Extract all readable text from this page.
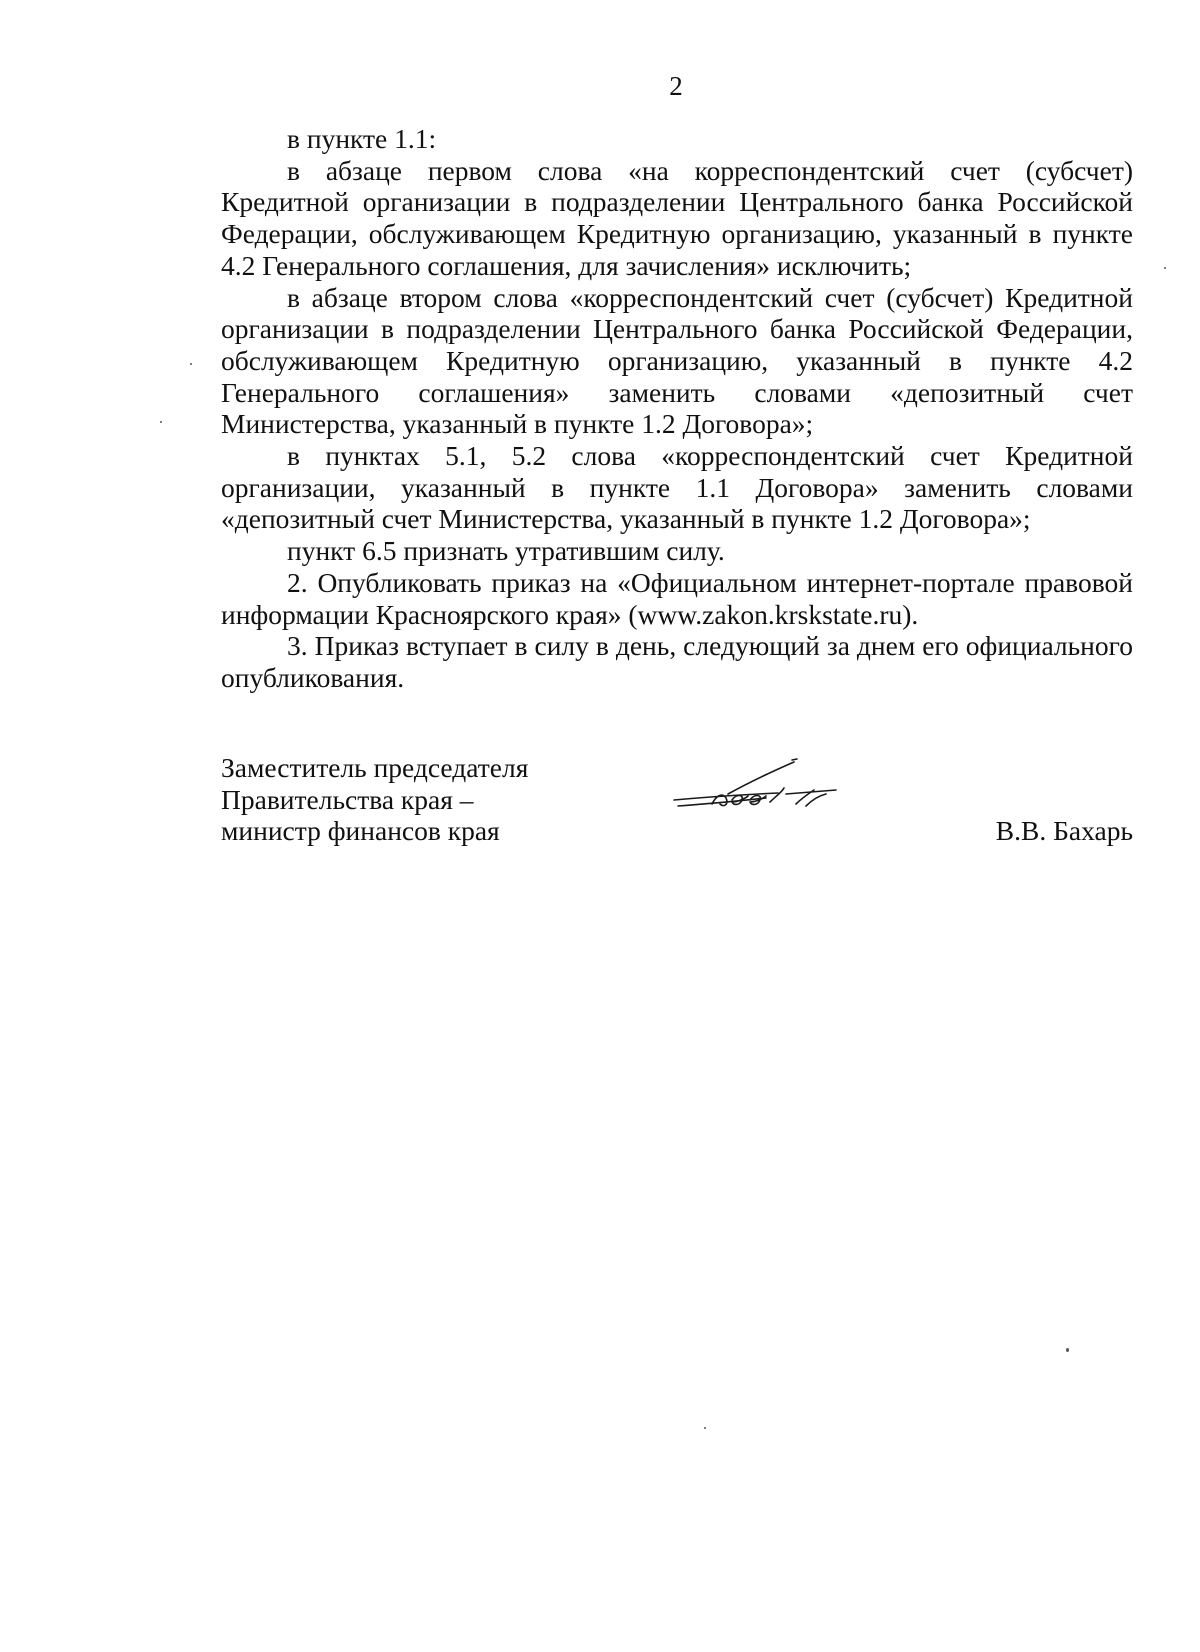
2

в пункте 1.1:

в абзаце первом слова «на корреспондентский счет (субсчет) Кредитной организации в подразделении Центрального банка Российской Федерации, обслуживающем Кредитную организацию, указанный в пункте 4.2 Генерального соглашения, для зачисления» исключить;

в абзаце втором слова «корреспондентский счет (субсчет) Кредитной организации в подразделении Центрального банка Российской Федерации, обслуживающем Кредитную организацию, указанный в пункте 4.2 Генерального соглашения» заменить словами «депозитный счет Министерства, указанный в пункте 1.2 Договора»;

в пунктах 5.1, 5.2 слова «корреспондентский счет Кредитной организации, указанный в пункте 1.1 Договора» заменить словами «депозитный счет Министерства, указанный в пункте 1.2 Договора»;

пункт 6.5 признать утратившим силу.

2. Опубликовать приказ на «Официальном интернет-портале правовой информации Красноярского края» (www.zakon.krskstate.ru).

3. Приказ вступает в силу в день, следующий за днем его официального опубликования.

Заместитель председателя
Правительства края –
министр финансов края	В.В. Бахарь
